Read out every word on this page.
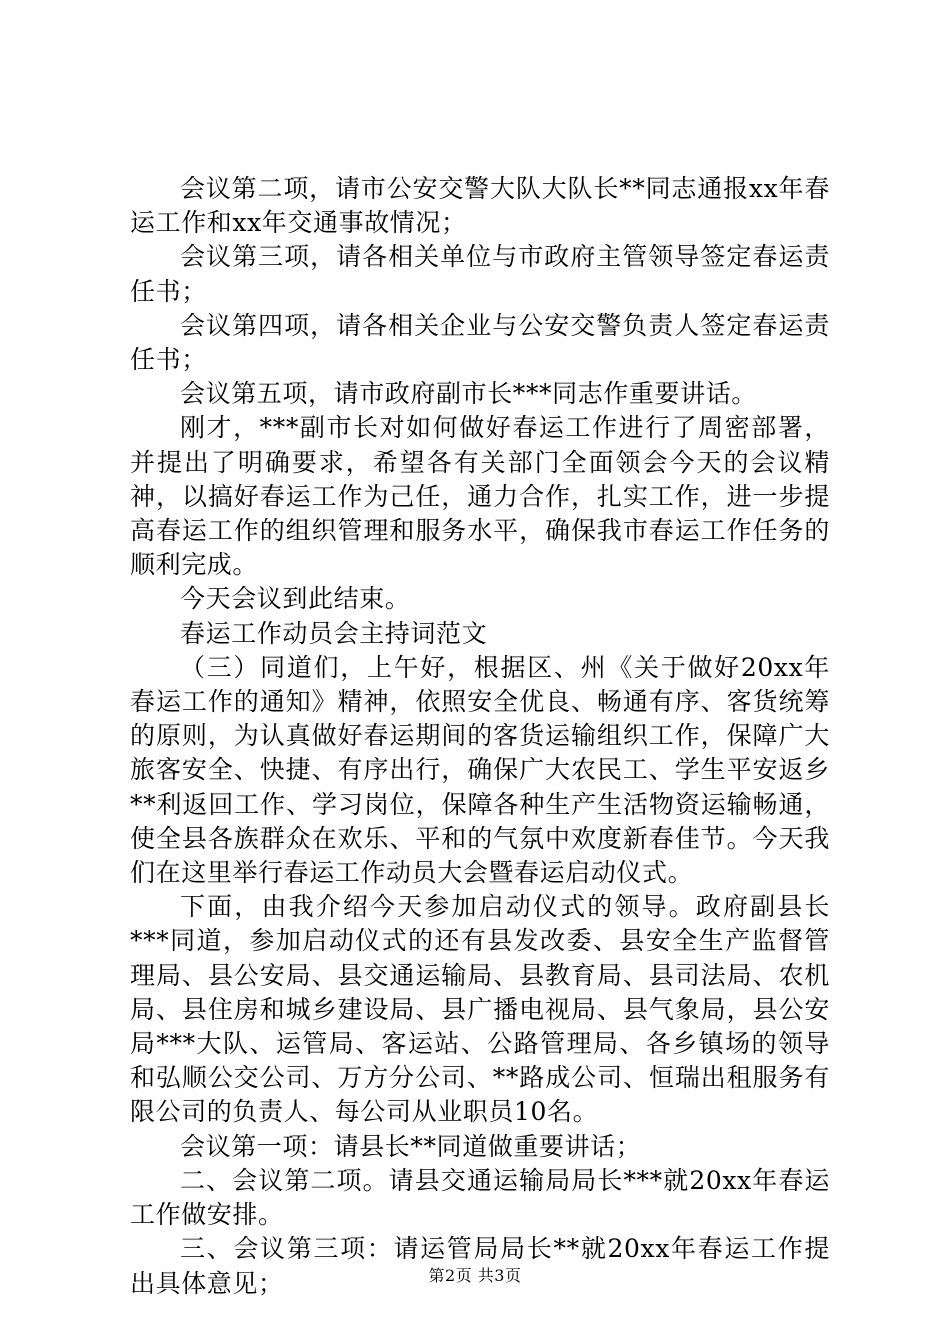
会议第二项，请市公安交警大队大队长**同志通报xx年春运工作和xx年交通事故情况；

会议第三项，请各相关单位与市政府主管领导签定春运责任书；

会议第四项，请各相关企业与公安交警负责人签定春运责任书；

会议第五项，请市政府副市长***同志作重要讲话。

刚才，***副市长对如何做好春运工作进行了周密部署，并提出了明确要求，希望各有关部门全面领会今天的会议精神，以搞好春运工作为己任，通力合作，扎实工作，进一步提高春运工作的组织管理和服务水平，确保我市春运工作任务的顺利完成。

今天会议到此结束。

春运工作动员会主持词范文

（三）同道们，上午好，根据区、州《关于做好20xx年春运工作的通知》精神，依照安全优良、畅通有序、客货统筹的原则，为认真做好春运期间的客货运输组织工作，保障广大旅客安全、快捷、有序出行，确保广大农民工、学生平安返乡**利返回工作、学习岗位，保障各种生产生活物资运输畅通，使全县各族群众在欢乐、平和的气氛中欢度新春佳节。今天我们在这里举行春运工作动员大会暨春运启动仪式。

下面，由我介绍今天参加启动仪式的领导。政府副县长***同道，参加启动仪式的还有县发改委、县安全生产监督管理局、县公安局、县交通运输局、县教育局、县司法局、农机局、县住房和城乡建设局、县广播电视局、县气象局，县公安局***大队、运管局、客运站、公路管理局、各乡镇场的领导和弘顺公交公司、万方分公司、**路成公司、恒瑞出租服务有限公司的负责人、每公司从业职员10名。

会议第一项：请县长**同道做重要讲话；

二、会议第二项。请县交通运输局局长***就20xx年春运工作做安排。

三、会议第三项：请运管局局长**就20xx年春运工作提出具体意见；	第2页 共3页
